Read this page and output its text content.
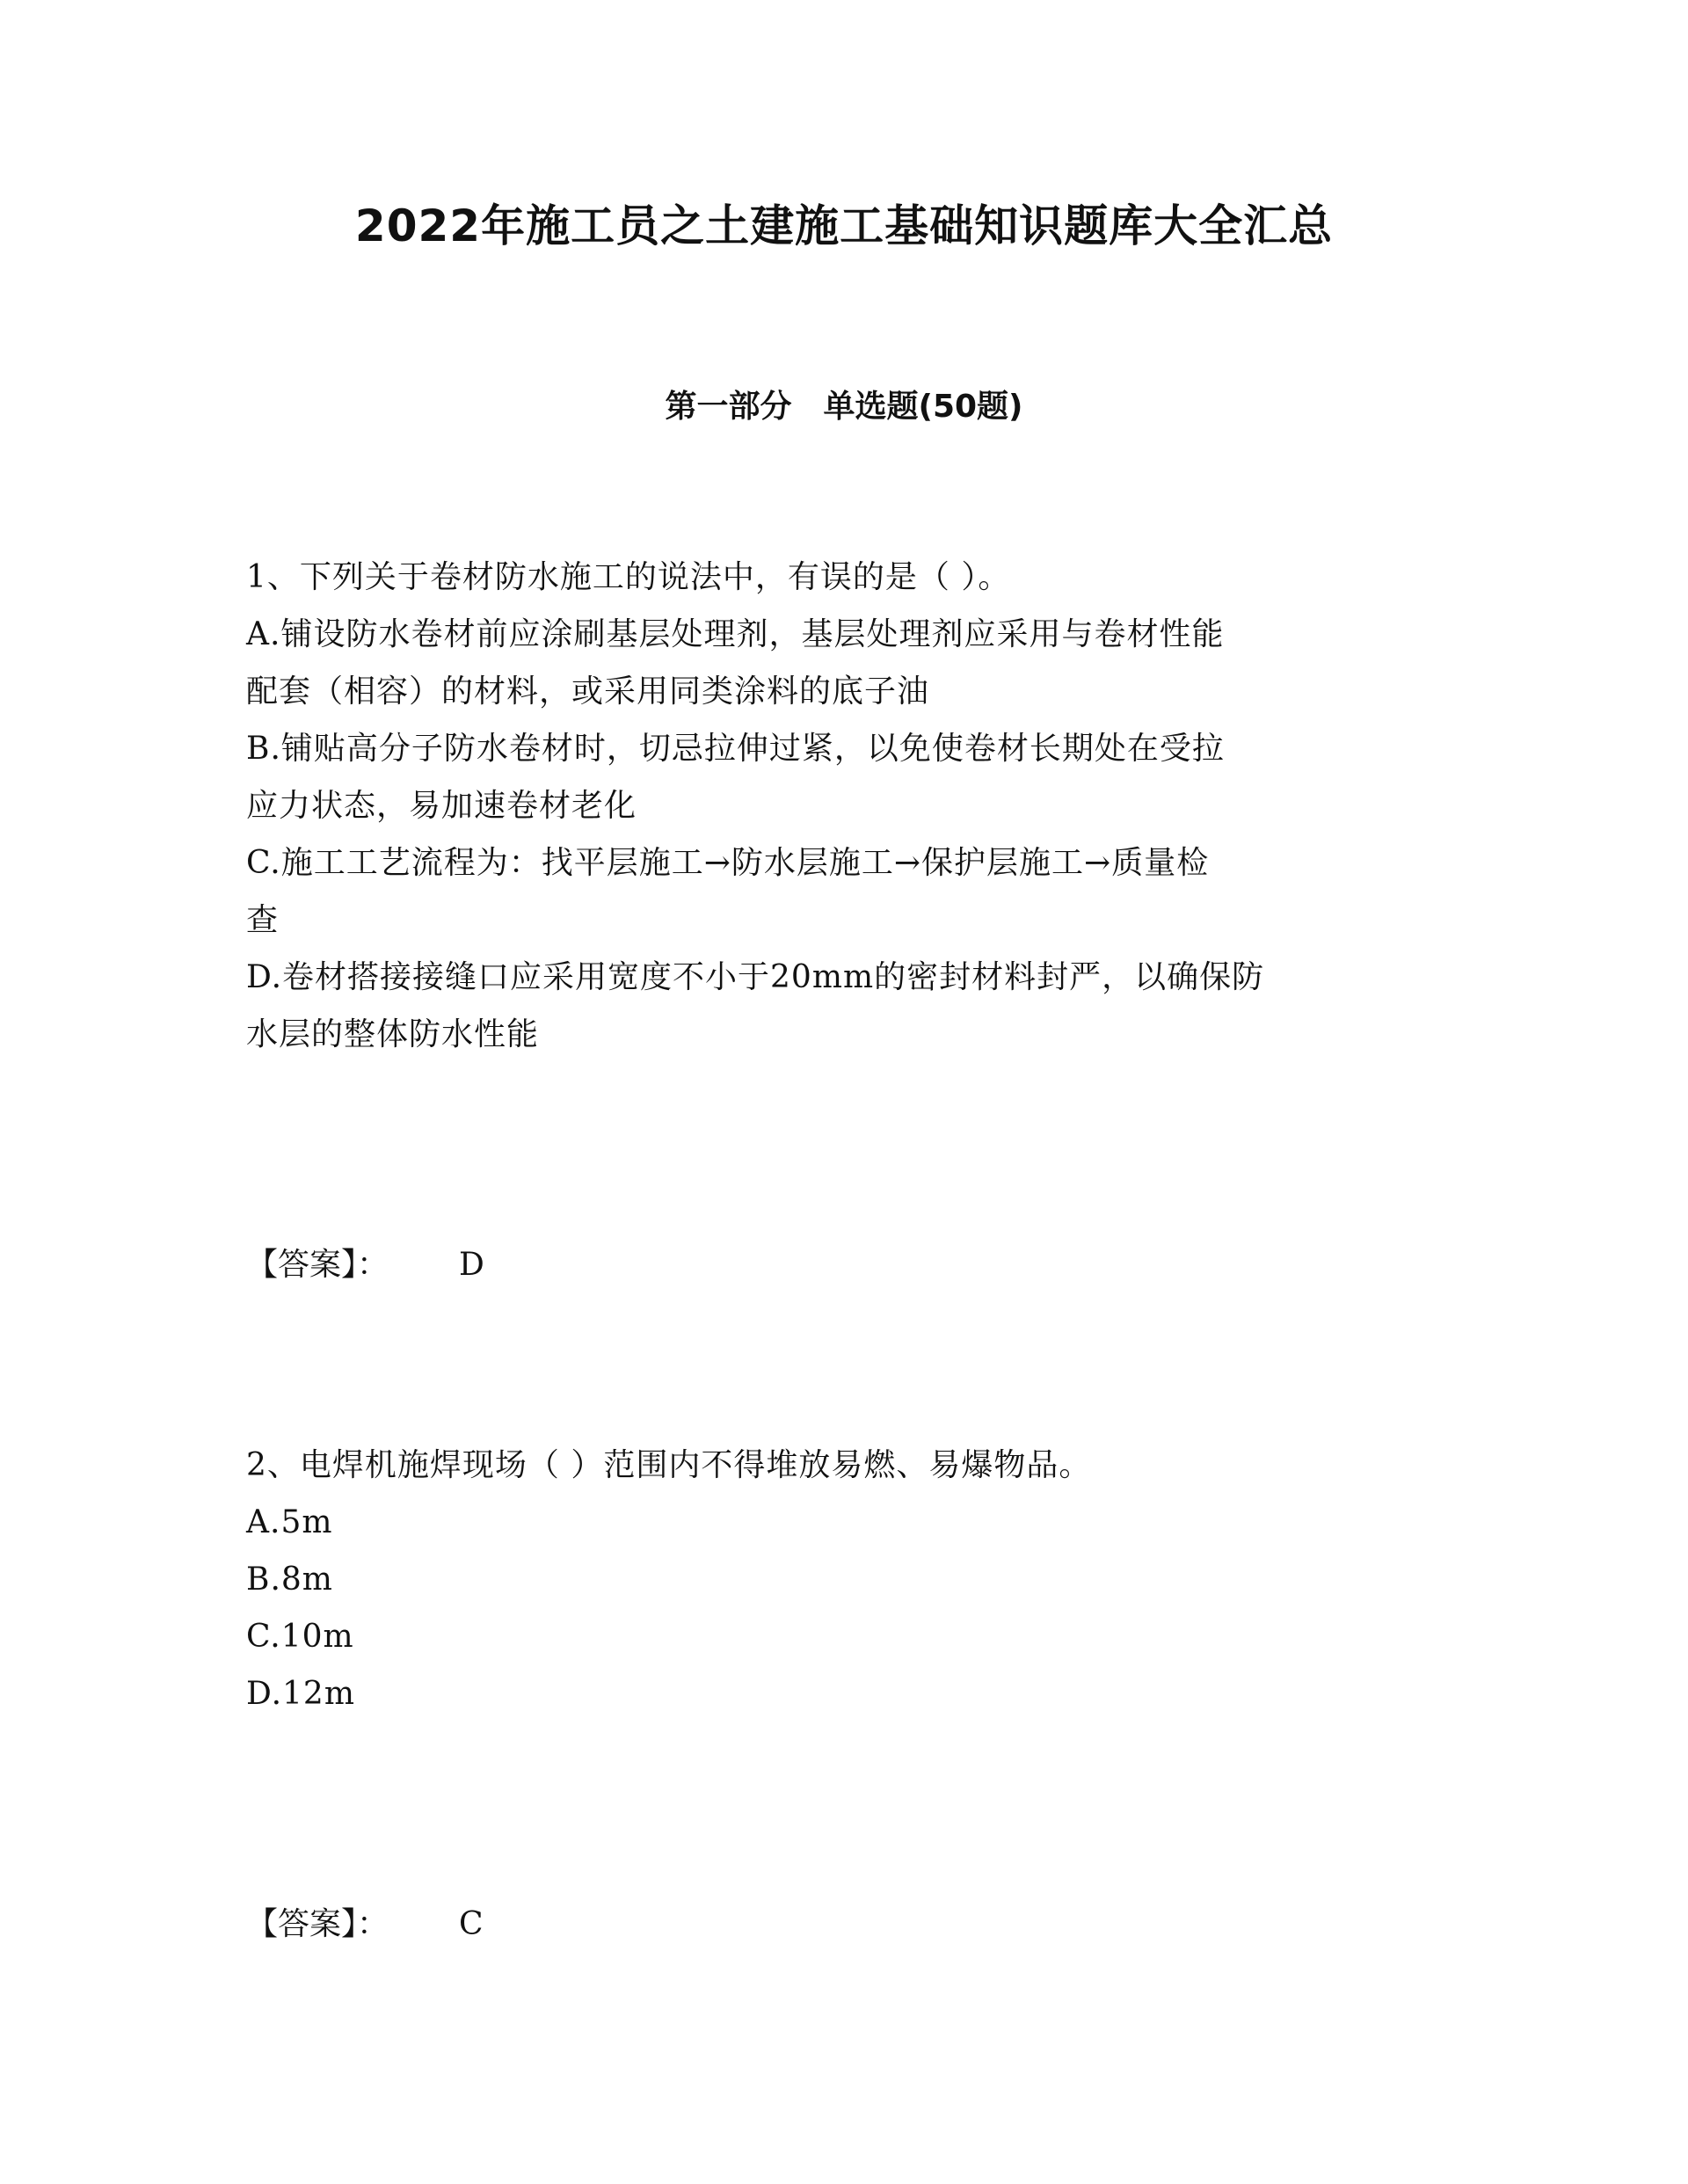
2022年施工员之土建施工基础知识题库大全汇总
第一部分　单选题(50题)
1、下列关于卷材防水施工的说法中，有误的是（ ）。
A.铺设防水卷材前应涂刷基层处理剂，基层处理剂应采用与卷材性能
配套（相容）的材料，或采用同类涂料的底子油
B.铺贴高分子防水卷材时，切忌拉伸过紧，以免使卷材长期处在受拉
应力状态，易加速卷材老化
C.施工工艺流程为：找平层施工→防水层施工→保护层施工→质量检
查
D.卷材搭接接缝口应采用宽度不小于20mm的密封材料封严，以确保防
水层的整体防水性能
【答案】： D
2、电焊机施焊现场（ ）范围内不得堆放易燃、易爆物品。
A.5m
B.8m
C.10m
D.12m
【答案】： C
